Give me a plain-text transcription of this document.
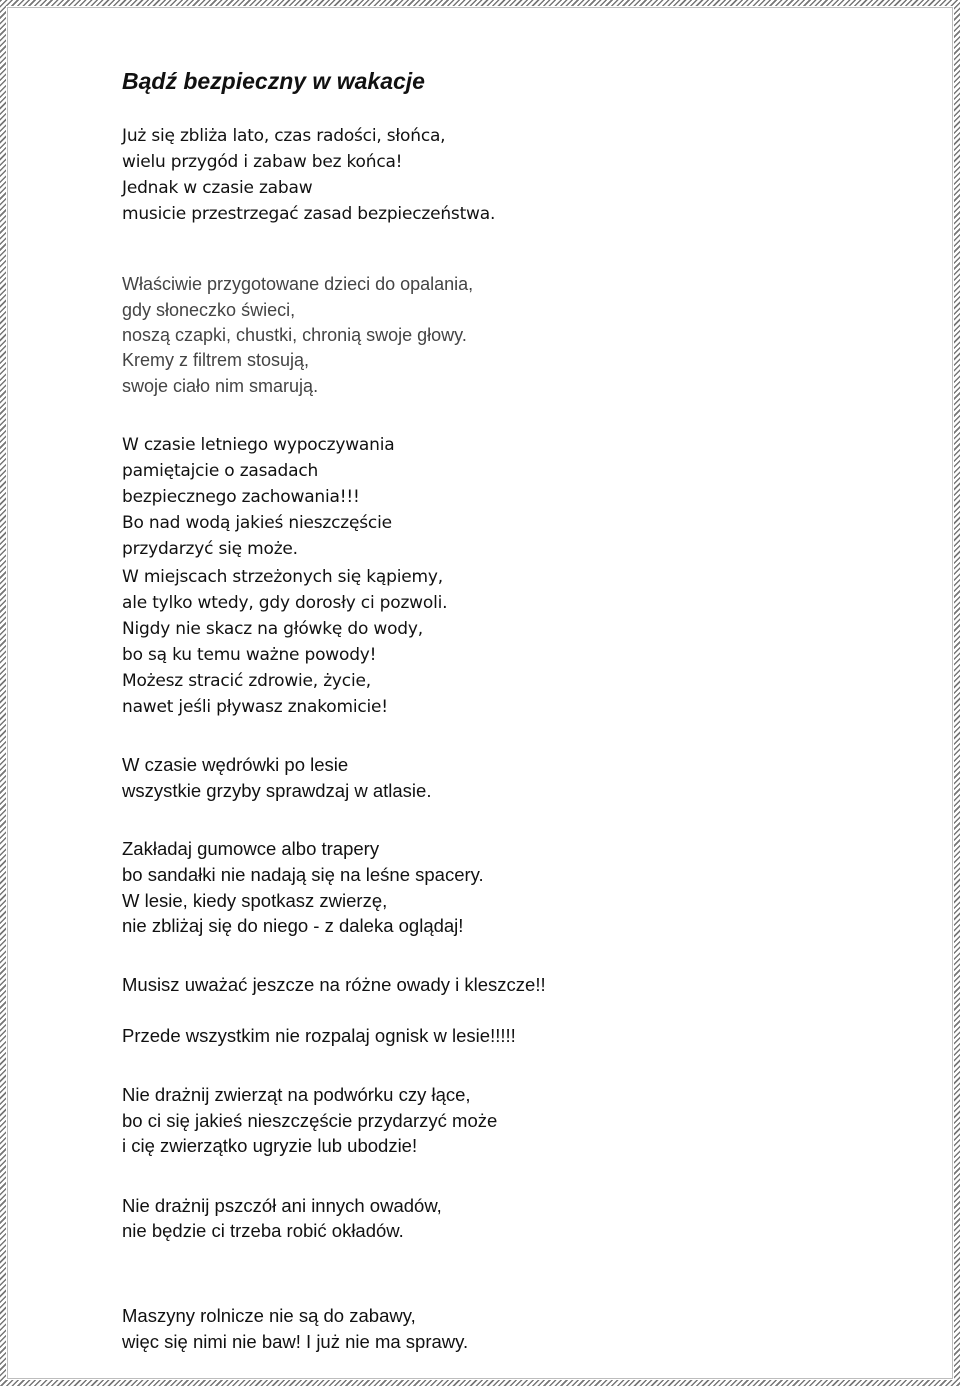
Bądź bezpieczny w wakacje
Już się zbliża lato, czas radości, słońca,
wielu przygód i zabaw bez końca!
Jednak w czasie zabaw
musicie przestrzegać zasad bezpieczeństwa.
Właściwie przygotowane dzieci do opalania,
gdy słoneczko świeci,
noszą czapki, chustki, chronią swoje głowy.
Kremy z filtrem stosują,
swoje ciało nim smarują.
W czasie letniego wypoczywania
pamiętajcie o zasadach
bezpiecznego zachowania!!!
Bo nad wodą jakieś nieszczęście
przydarzyć się może.
W miejscach strzeżonych się kąpiemy,
ale tylko wtedy, gdy dorosły ci pozwoli.
Nigdy nie skacz na główkę do wody,
bo są ku temu ważne powody!
Możesz stracić zdrowie, życie,
nawet jeśli pływasz znakomicie!
W czasie wędrówki po lesie
wszystkie grzyby sprawdzaj w atlasie.
Zakładaj gumowce albo trapery
bo sandałki nie nadają się na leśne spacery.
W lesie, kiedy spotkasz zwierzę,
nie zbliżaj się do niego - z daleka oglądaj!
Musisz uważać jeszcze na różne owady i kleszcze!!
Przede wszystkim nie rozpalaj ognisk w lesie!!!!!
Nie drażnij zwierząt na podwórku czy łące,
bo ci się jakieś nieszczęście przydarzyć może
i cię zwierzątko ugryzie lub ubodzie!
Nie drażnij pszczół ani innych owadów,
nie będzie ci trzeba robić okładów.
Maszyny rolnicze nie są do zabawy,
więc się nimi nie baw! I już nie ma sprawy.
